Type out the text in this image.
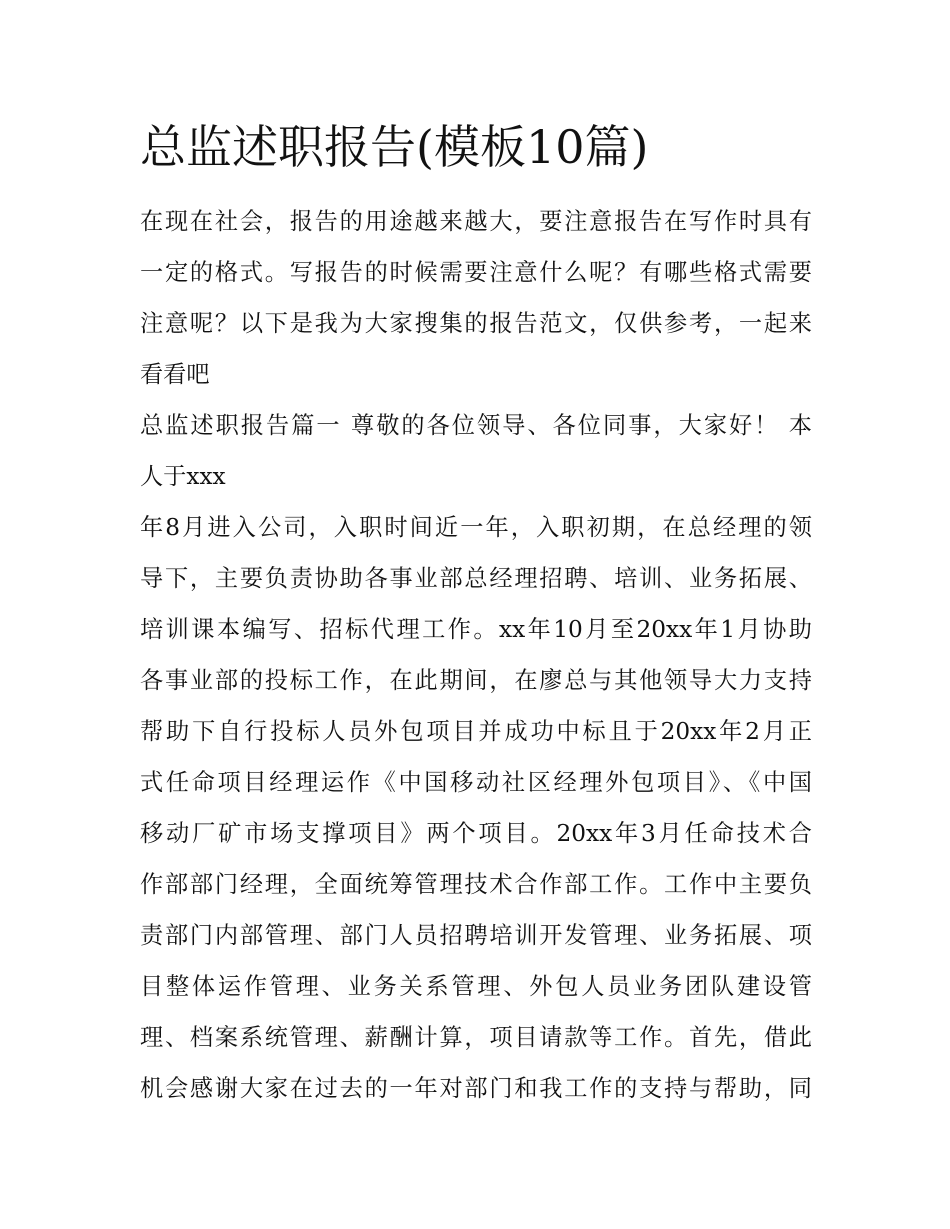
总监述职报告(模板10篇)
在现在社会，报告的用途越来越大，要注意报告在写作时具有
一定的格式。写报告的时候需要注意什么呢？有哪些格式需要
注意呢？以下是我为大家搜集的报告范文，仅供参考，一起来
看看吧
总监述职报告篇一 尊敬的各位领导、各位同事，大家好！ 本
人于xxx
年8月进入公司，入职时间近一年，入职初期，在总经理的领
导下，主要负责协助各事业部总经理招聘、培训、业务拓展、
培训课本编写、招标代理工作。xx年10月至20xx年1月协助
各事业部的投标工作，在此期间，在廖总与其他领导大力支持
帮助下自行投标人员外包项目并成功中标且于20xx年2月正
式任命项目经理运作《中国移动社区经理外包项目》、《中国
移动厂矿市场支撑项目》两个项目。20xx年3月任命技术合
作部部门经理，全面统筹管理技术合作部工作。工作中主要负
责部门内部管理、部门人员招聘培训开发管理、业务拓展、项
目整体运作管理、业务关系管理、外包人员业务团队建设管
理、档案系统管理、薪酬计算，项目请款等工作。首先，借此
机会感谢大家在过去的一年对部门和我工作的支持与帮助，同
